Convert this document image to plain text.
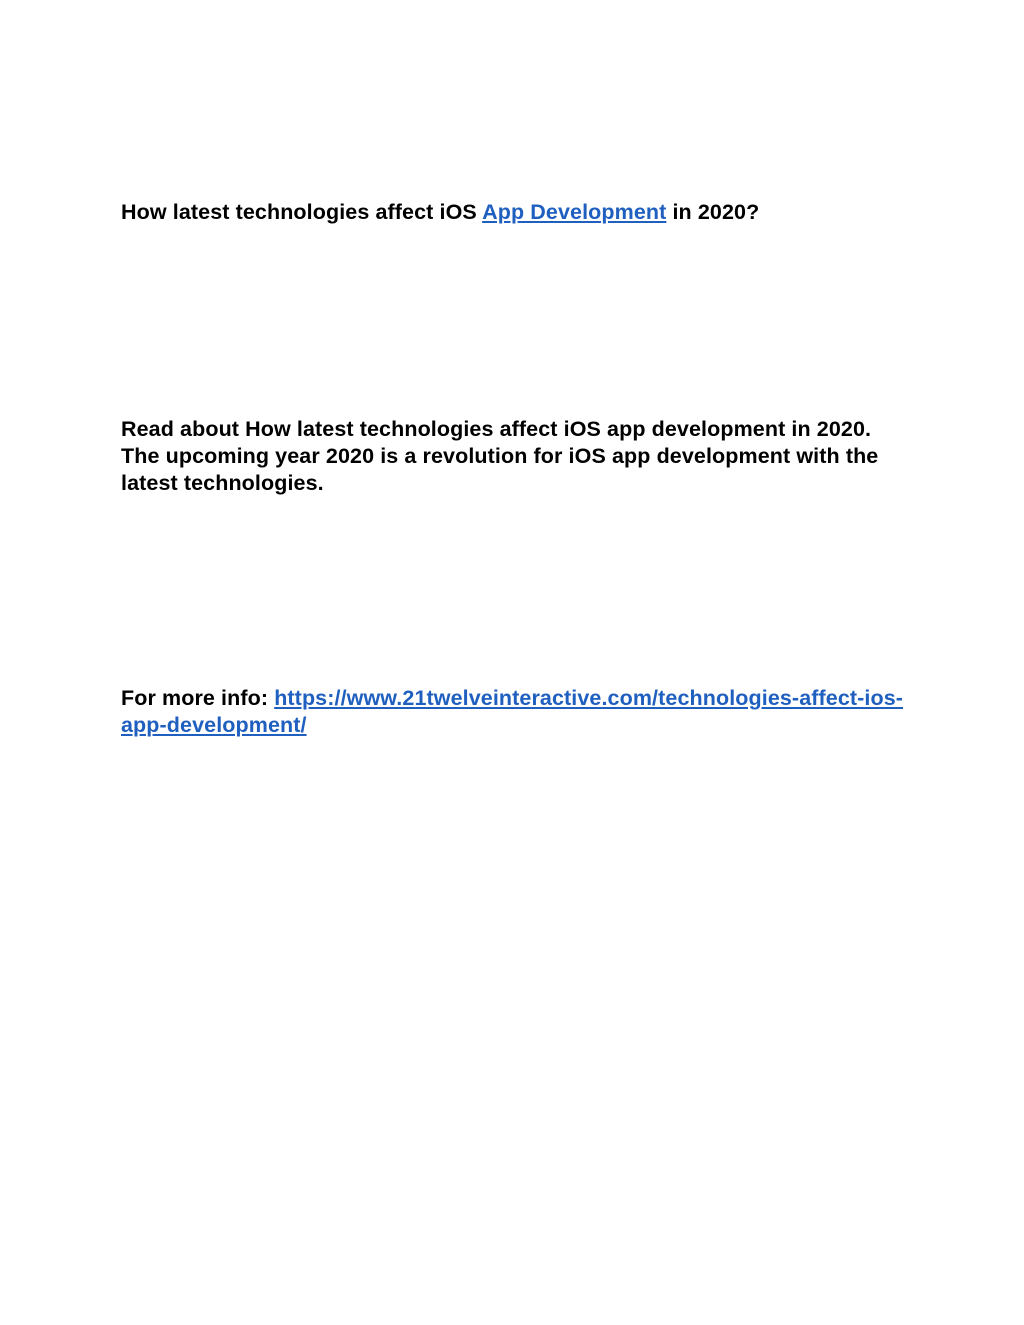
How latest technologies affect iOS App Development in 2020?
Read about How latest technologies affect iOS app development in 2020. The upcoming year 2020 is a revolution for iOS app development with the latest technologies.
For more info: https://www.21twelveinteractive.com/technologies-affect-ios-app-development/
